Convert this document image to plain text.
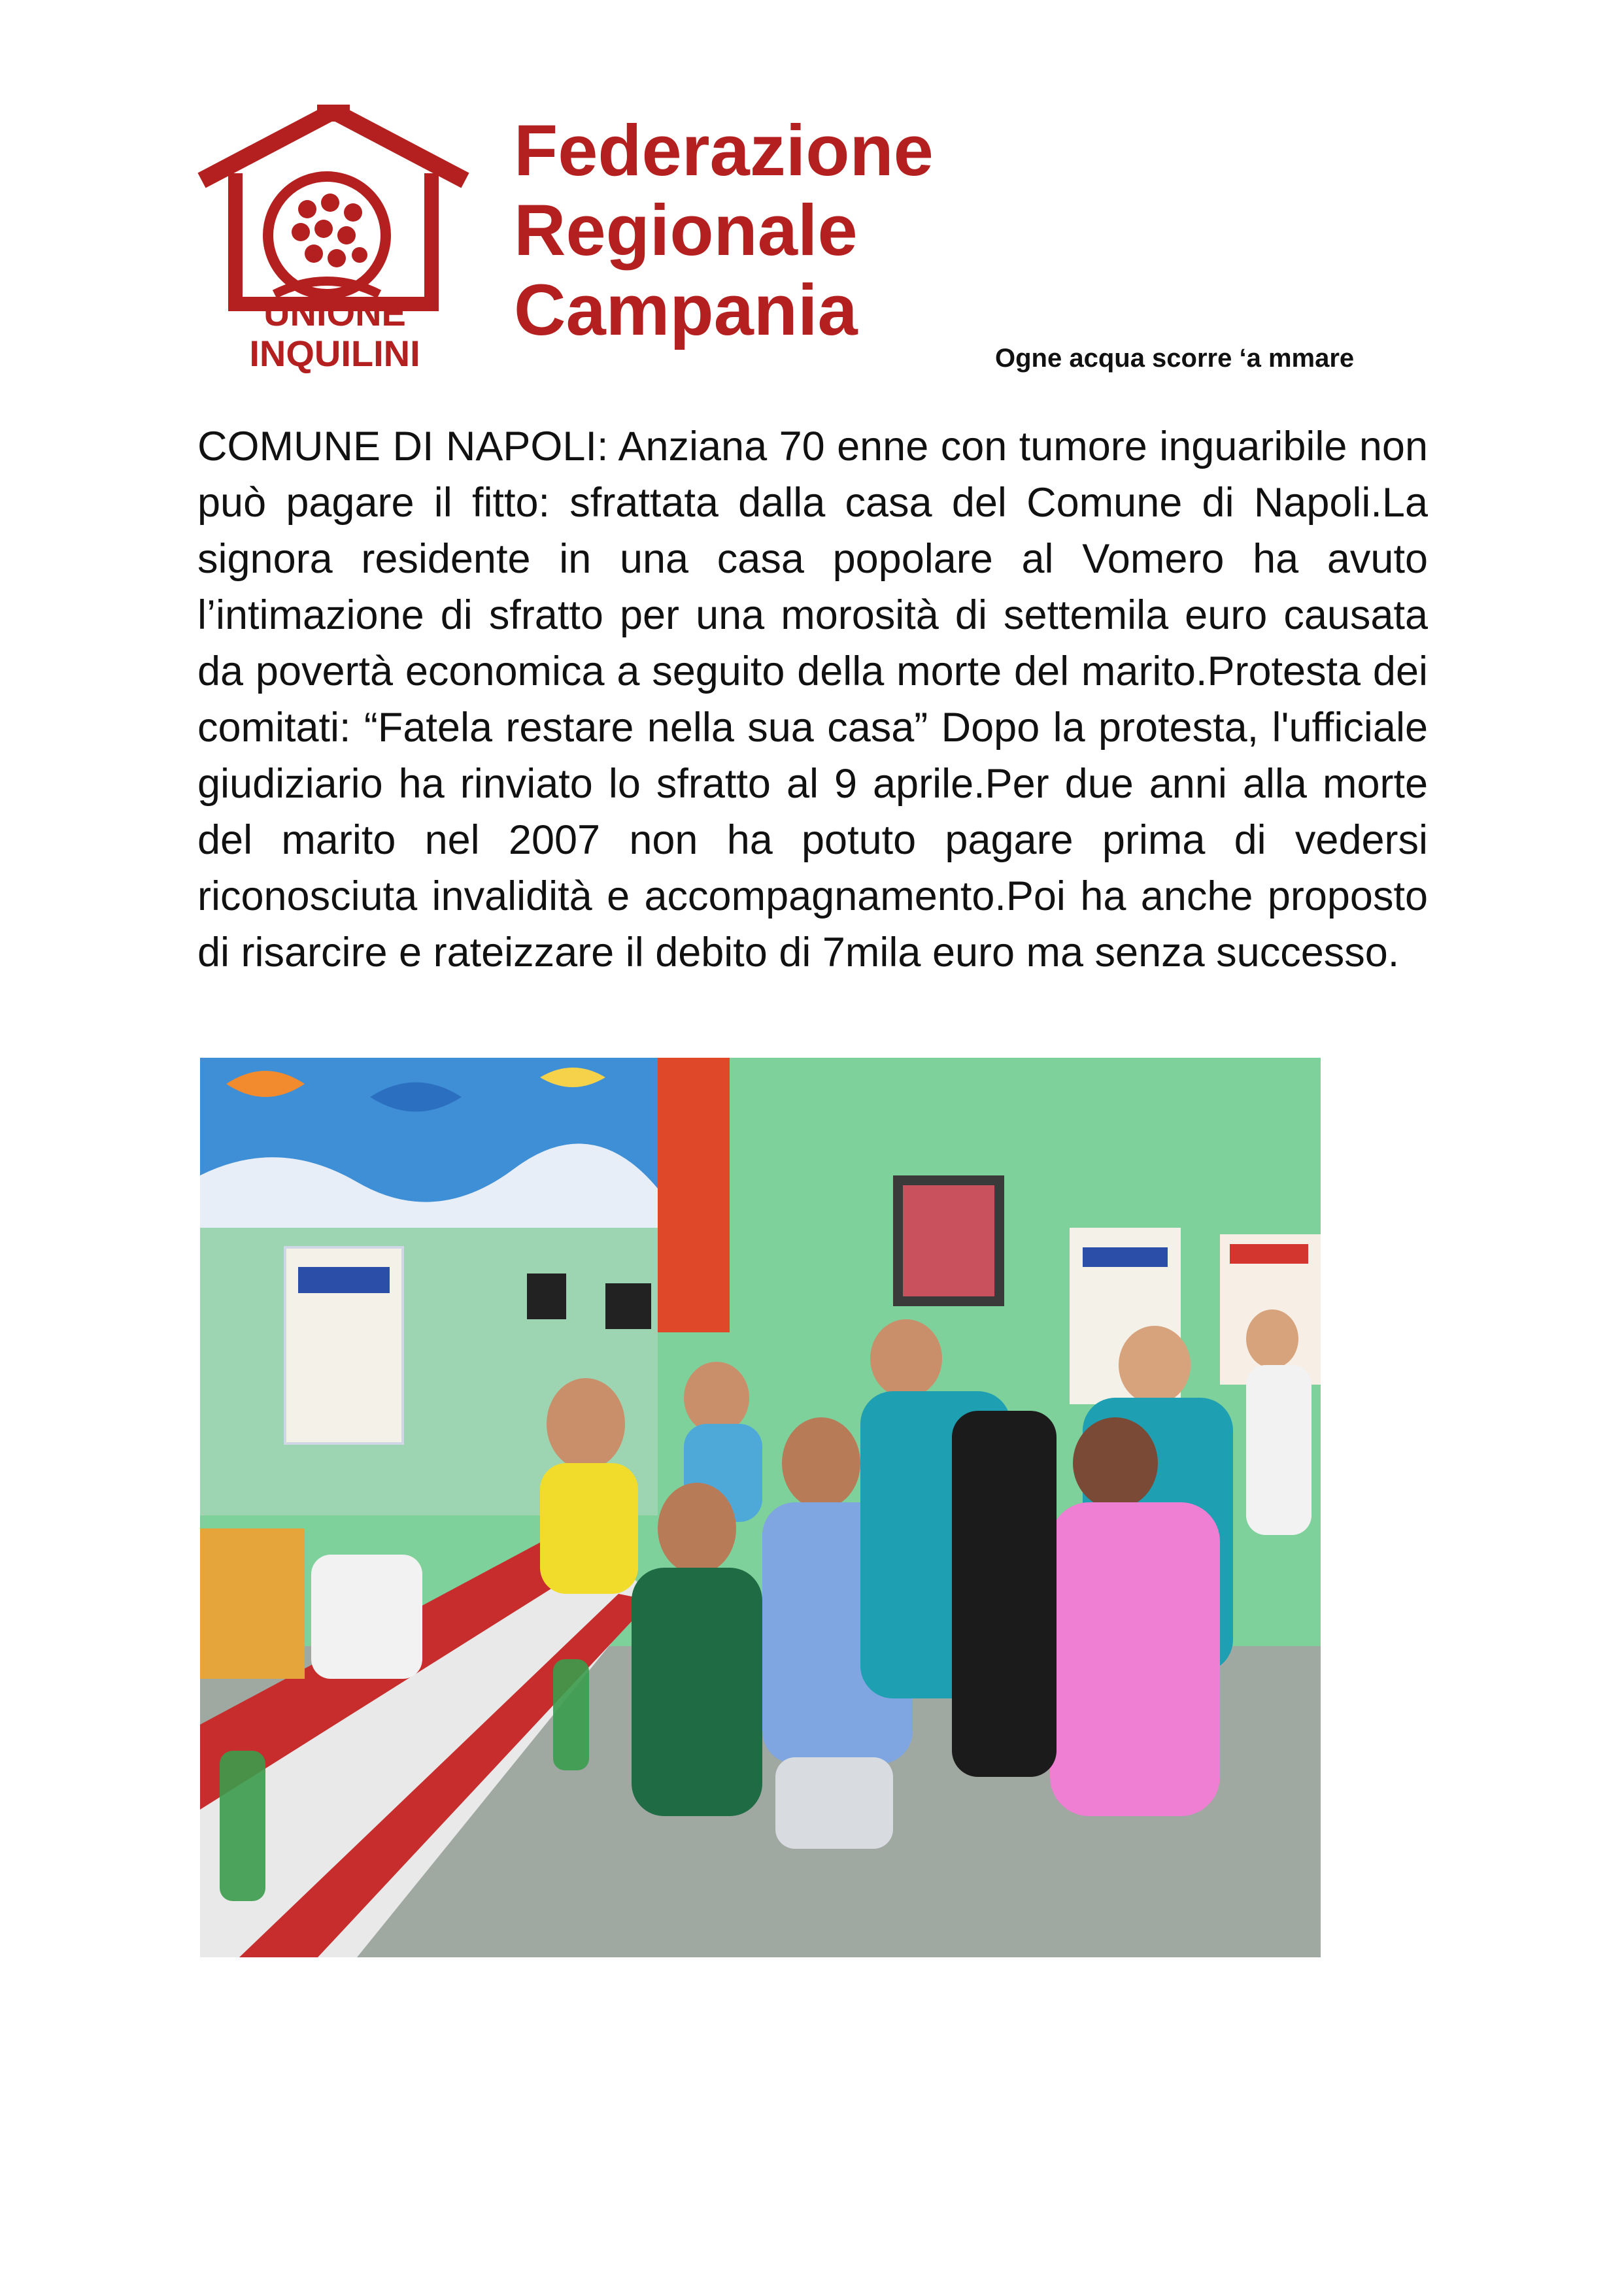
UNIONE
INQUILINI
Federazione
Regionale
Campania
Ogne acqua scorre ‘a mmare

COMUNE DI NAPOLI: Anziana 70 enne con tumore inguaribile non può pagare il fitto: sfrattata dalla casa del Comune di Napoli.La signora residente in una casa popolare al Vomero ha avuto l’intimazione di sfratto per una morosità di settemila euro causata da povertà economica a seguito della morte del marito.Protesta dei comitati: “Fatela restare nella sua casa” Dopo la protesta, l'ufficiale giudiziario ha rinviato lo sfratto al 9 aprile.Per due anni alla morte del marito nel 2007 non ha potuto pagare prima di vedersi riconosciuta invalidità e accompagnamento.Poi ha anche proposto di risarcire e rateizzare il debito di 7mila euro ma senza successo.
